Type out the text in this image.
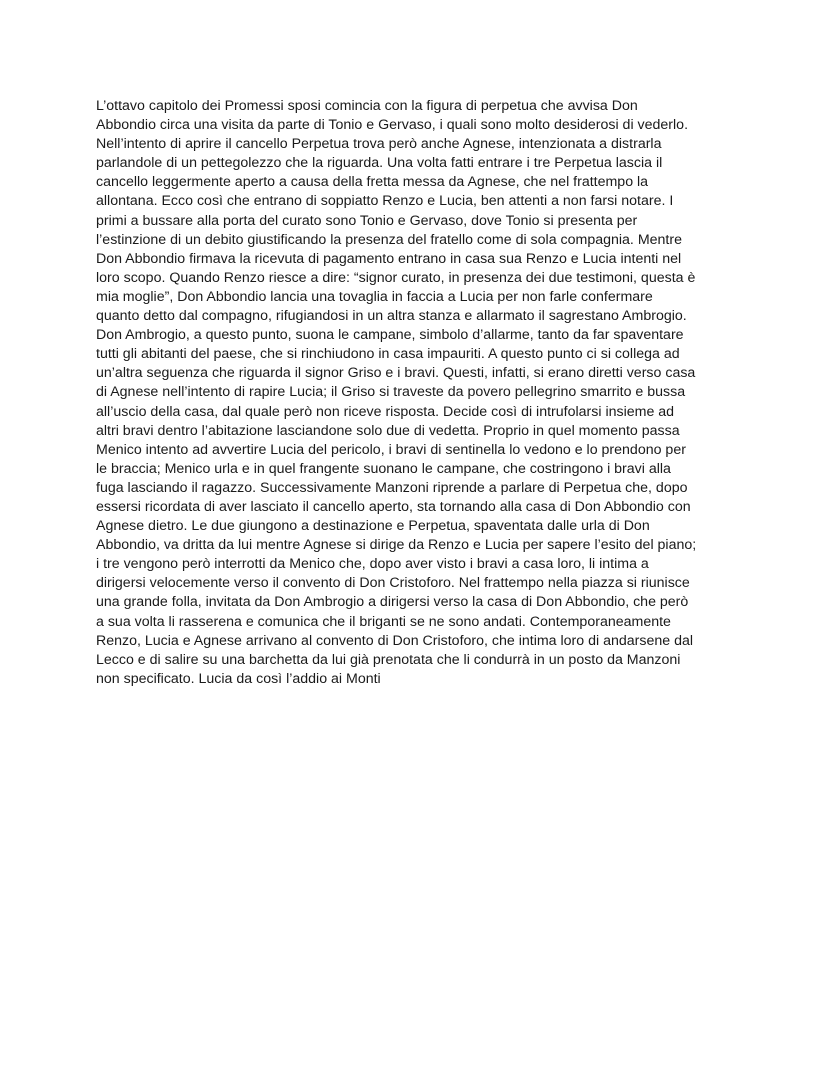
L’ottavo capitolo dei Promessi sposi comincia con la figura di perpetua che avvisa Don
Abbondio circa una visita da parte di Tonio e Gervaso, i quali sono molto desiderosi di vederlo.
Nell’intento di aprire il cancello Perpetua trova però anche Agnese, intenzionata a distrarla
parlandole di un pettegolezzo che la riguarda. Una volta fatti entrare i tre Perpetua lascia il
cancello leggermente aperto a causa della fretta messa da Agnese, che nel frattempo la
allontana. Ecco così che entrano di soppiatto Renzo e Lucia, ben attenti a non farsi notare. I
primi a bussare alla porta del curato sono Tonio e Gervaso, dove Tonio si presenta per
l’estinzione di un debito giustificando la presenza del fratello come di sola compagnia. Mentre
Don Abbondio firmava la ricevuta di pagamento entrano in casa sua Renzo e Lucia intenti nel
loro scopo. Quando Renzo riesce a dire: “signor curato, in presenza dei due testimoni, questa è
mia moglie”, Don Abbondio lancia una tovaglia in faccia a Lucia per non farle confermare
quanto detto dal compagno, rifugiandosi in un altra stanza e allarmato il sagrestano Ambrogio.
Don Ambrogio, a questo punto, suona le campane, simbolo d’allarme, tanto da far spaventare
tutti gli abitanti del paese, che si rinchiudono in casa impauriti. A questo punto ci si collega ad
un’altra seguenza che riguarda il signor Griso e i bravi. Questi, infatti, si erano diretti verso casa
di Agnese nell’intento di rapire Lucia; il Griso si traveste da povero pellegrino smarrito e bussa
all’uscio della casa, dal quale però non riceve risposta. Decide così di intrufolarsi insieme ad
altri bravi dentro l’abitazione lasciandone solo due di vedetta. Proprio in quel momento passa
Menico intento ad avvertire Lucia del pericolo, i bravi di sentinella lo vedono e lo prendono per
le braccia; Menico urla e in quel frangente suonano le campane, che costringono i bravi alla
fuga lasciando il ragazzo. Successivamente Manzoni riprende a parlare di Perpetua che, dopo
essersi ricordata di aver lasciato il cancello aperto, sta tornando alla casa di Don Abbondio con
Agnese dietro. Le due giungono a destinazione e Perpetua, spaventata dalle urla di Don
Abbondio, va dritta da lui mentre Agnese si dirige da Renzo e Lucia per sapere l’esito del piano;
i tre vengono però interrotti da Menico che, dopo aver visto i bravi a casa loro, li intima a
dirigersi velocemente verso il convento di Don Cristoforo. Nel frattempo nella piazza si riunisce
una grande folla, invitata da Don Ambrogio a dirigersi verso la casa di Don Abbondio, che però
a sua volta li rasserena e comunica che il briganti se ne sono andati. Contemporaneamente
Renzo, Lucia e Agnese arrivano al convento di Don Cristoforo, che intima loro di andarsene dal
Lecco e di salire su una barchetta da lui già prenotata che li condurrà in un posto da Manzoni
non specificato. Lucia da così l’addio ai Monti
